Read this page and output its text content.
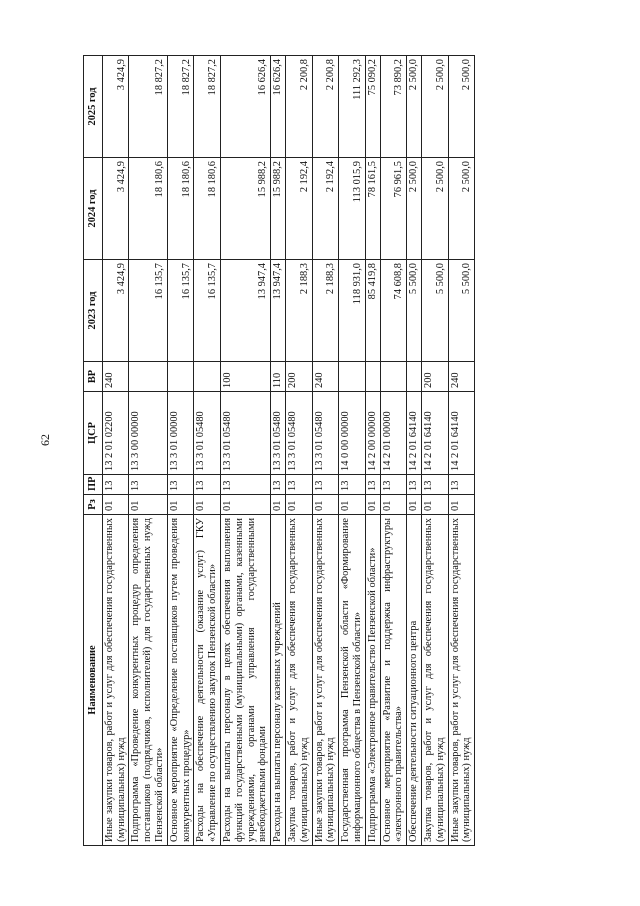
62
Наименование	Рз	ПР	ЦСР	ВР	2023 год	2024 год	2025 год
Иные закупки товаров, работ и услуг для обеспечения государственных (муниципальных) нужд	01	13	13 2 01 02200	240	3 424,9	3 424,9	3 424,9
Подпрограмма «Проведение конкурентных процедур определения поставщиков (подрядчиков, исполнителей) для государственных нужд Пензенской области»	01	13	13 3 00 00000		16 135,7	18 180,6	18 827,2
Основное мероприятие «Определение поставщиков путем проведения конкурентных процедур»	01	13	13 3 01 00000		16 135,7	18 180,6	18 827,2
Расходы на обеспечение деятельности (оказание услуг) ГКУ «Управление по осуществлению закупок Пензенской области»	01	13	13 3 01 05480		16 135,7	18 180,6	18 827,2
Расходы на выплаты персоналу в целях обеспечения выполнения функций государственными (муниципальными) органами, казенными учреждениями, органами управления государственными внебюджетными фондами	01	13	13 3 01 05480	100	13 947,4	15 988,2	16 626,4
Расходы на выплаты персоналу казенных учреждений	01	13	13 3 01 05480	110	13 947,4	15 988,2	16 626,4
Закупка товаров, работ и услуг для обеспечения государственных (муниципальных) нужд	01	13	13 3 01 05480	200	2 188,3	2 192,4	2 200,8
Иные закупки товаров, работ и услуг для обеспечения государственных (муниципальных) нужд	01	13	13 3 01 05480	240	2 188,3	2 192,4	2 200,8
Государственная программа Пензенской области «Формирование информационного общества в Пензенской области»	01	13	14 0 00 00000		118 931,0	113 015,9	111 292,3
Подпрограмма «Электронное правительство Пензенской области»	01	13	14 2 00 00000		85 419,8	78 161,5	75 090,2
Основное мероприятие «Развитие и поддержка инфраструктуры «электронного правительства»	01	13	14 2 01 00000		74 608,8	76 961,5	73 890,2
Обеспечение деятельности ситуационного центра	01	13	14 2 01 64140		5 500,0	2 500,0	2 500,0
Закупка товаров, работ и услуг для обеспечения государственных (муниципальных) нужд	01	13	14 2 01 64140	200	5 500,0	2 500,0	2 500,0
Иные закупки товаров, работ и услуг для обеспечения государственных (муниципальных) нужд	01	13	14 2 01 64140	240	5 500,0	2 500,0	2 500,0
